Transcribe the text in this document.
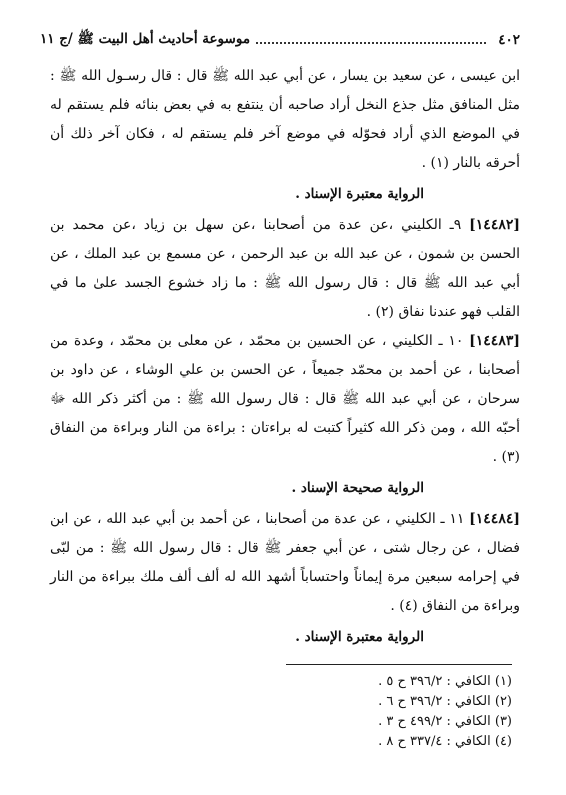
٤٠٢
موسوعة أحاديث أهل البيت ﷺ /ج ١١

ابن عيسى ، عن سعيد بن يسار ، عن أبي عبد الله ﷺ قال : قال رسـول الله ﷺ : مثل المنافق مثل جذع النخل أراد صاحبه أن ينتفع به في بعض بنائه فلم يستقم له في الموضع الذي أراد فحوّله في موضع آخر فلم يستقم له ، فكان آخر ذلك أن أحرقه بالنار (١) .

الرواية معتبرة الإسناد .

[١٤٤٨٢] ٩ـ الكليني ،عن عدة من أصحابنا ،عن سهل بن زياد ،عن محمد بن الحسن بن شمون ، عن عبد الله بن عبد الرحمن ، عن مسمع بن عبد الملك ، عن أبي عبد الله ﷺ قال : قال رسول الله ﷺ : ما زاد خشوع الجسد علىٰ ما في القلب فهو عندنا نفاق (٢) .

[١٤٤٨٣] ١٠ ـ الكليني ، عن الحسين بن محمّد ، عن معلى بن محمّد ، وعدة من أصحابنا ، عن أحمد بن محمّد جميعاً ، عن الحسن بن علي الوشاء ، عن داود بن سرحان ، عن أبي عبد الله ﷺ قال : قال رسول الله ﷺ : من أكثر ذكر الله ﷻ أحبّه الله ، ومن ذكر الله كثيراً كتبت له براءتان : براءة من النار وبراءة من النفاق (٣) .

الرواية صحيحة الإسناد .

[١٤٤٨٤] ١١ ـ الكليني ، عن عدة من أصحابنا ، عن أحمد بن أبي عبد الله ، عن ابن فضال ، عن رجال شتى ، عن أبي جعفر ﷺ قال : قال رسول الله ﷺ : من لبّى في إحرامه سبعين مرة إيماناً واحتساباً أشهد الله له ألف ألف ملك ببراءة من النار وبراءة من النفاق (٤) .

الرواية معتبرة الإسناد .

(١) الكافي : ٣٩٦/٢ ح ٥ .
(٢) الكافي : ٣٩٦/٢ ح ٦ .
(٣) الكافي : ٤٩٩/٢ ح ٣ .
(٤) الكافي : ٣٣٧/٤ ح ٨ .
